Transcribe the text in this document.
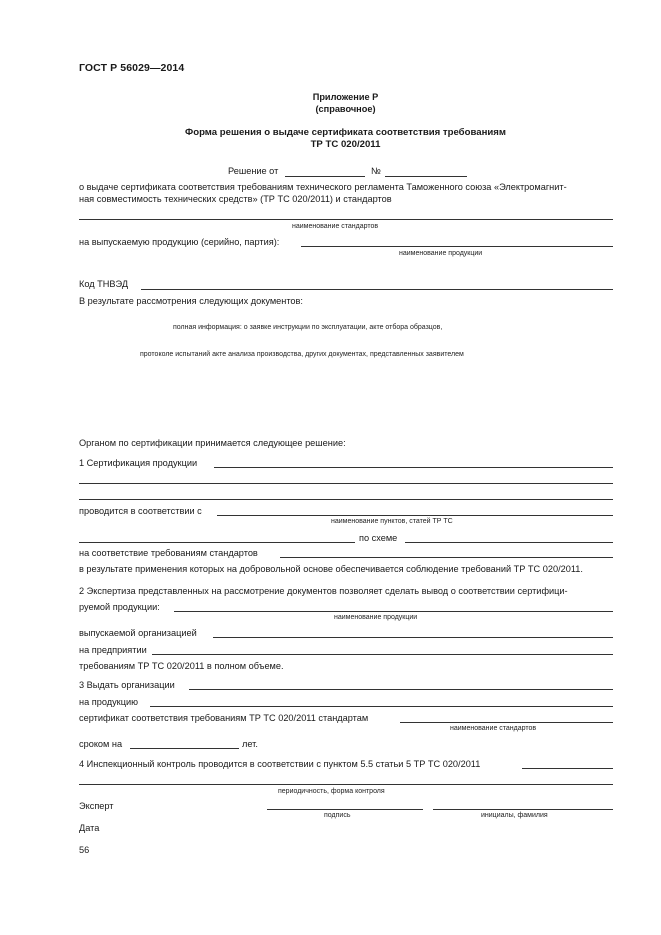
ГОСТ Р 56029—2014
Приложение Р
(справочное)
Форма решения о выдаче сертификата соответствия требованиям
ТР ТС 020/2011
Решение от	№
о выдаче сертификата соответствия требованиям технического регламента Таможенного союза «Электромагнит-
ная совместимость технических средств» (ТР ТС 020/2011) и стандартов
наименование стандартов
на выпускаемую продукцию (серийно, партия):
наименование продукции
Код ТНВЭД
В результате рассмотрения следующих документов:
полная информация: о заявке инструкции по эксплуатации, акте отбора образцов,
протоколе испытаний акте анализа производства, других документах, представленных заявителем
Органом по сертификации принимается следующее решение:
1 Сертификация продукции
проводится в соответствии с
наименование пунктов, статей ТР ТС
по схеме
на соответствие требованиям стандартов
в результате применения которых на добровольной основе обеспечивается соблюдение требований ТР ТС 020/2011.
2 Экспертиза представленных на рассмотрение документов позволяет сделать вывод о соответствии сертифици-
руемой продукции:
наименование продукции
выпускаемой организацией
на предприятии
требованиям ТР ТС 020/2011 в полном объеме.
3 Выдать организации
на продукцию
сертификат соответствия требованиям ТР ТС 020/2011 стандартам
наименование стандартов
сроком на	лет.
4 Инспекционный контроль проводится в соответствии с пунктом 5.5 статьи 5 ТР ТС 020/2011
периодичность, форма контроля
Эксперт
подпись	инициалы, фамилия
Дата
56
